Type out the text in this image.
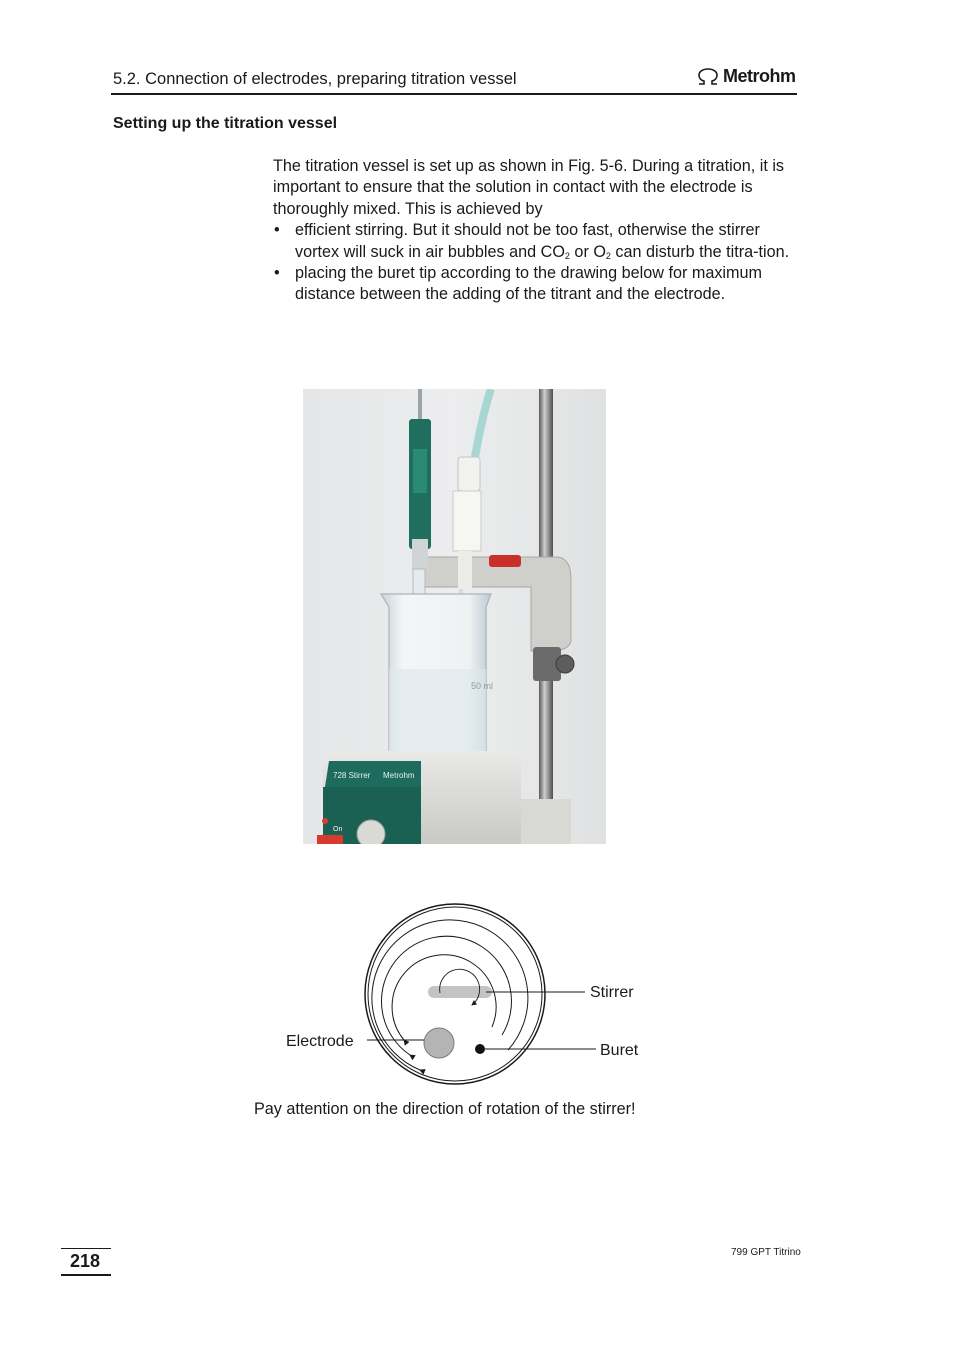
5.2. Connection of electrodes, preparing titration vessel	Metrohm
Setting up the titration vessel

The titration vessel is set up as shown in Fig. 5-6. During a titration, it is important to ensure that the solution in contact with the electrode is thoroughly mixed. This is achieved by

• efficient stirring. But it should not be too fast, otherwise the stirrer vortex will suck in air bubbles and $CO_2$ or $O_2$ can disturb the titra-tion.
• placing the buret tip according to the drawing below for maximum distance between the adding of the titrant and the electrode.
50 ml
728 Stirrer Metrohm
On
Stirrer
Electrode
Buret
Pay attention on the direction of rotation of the stirrer!
218	799 GPT Titrino
